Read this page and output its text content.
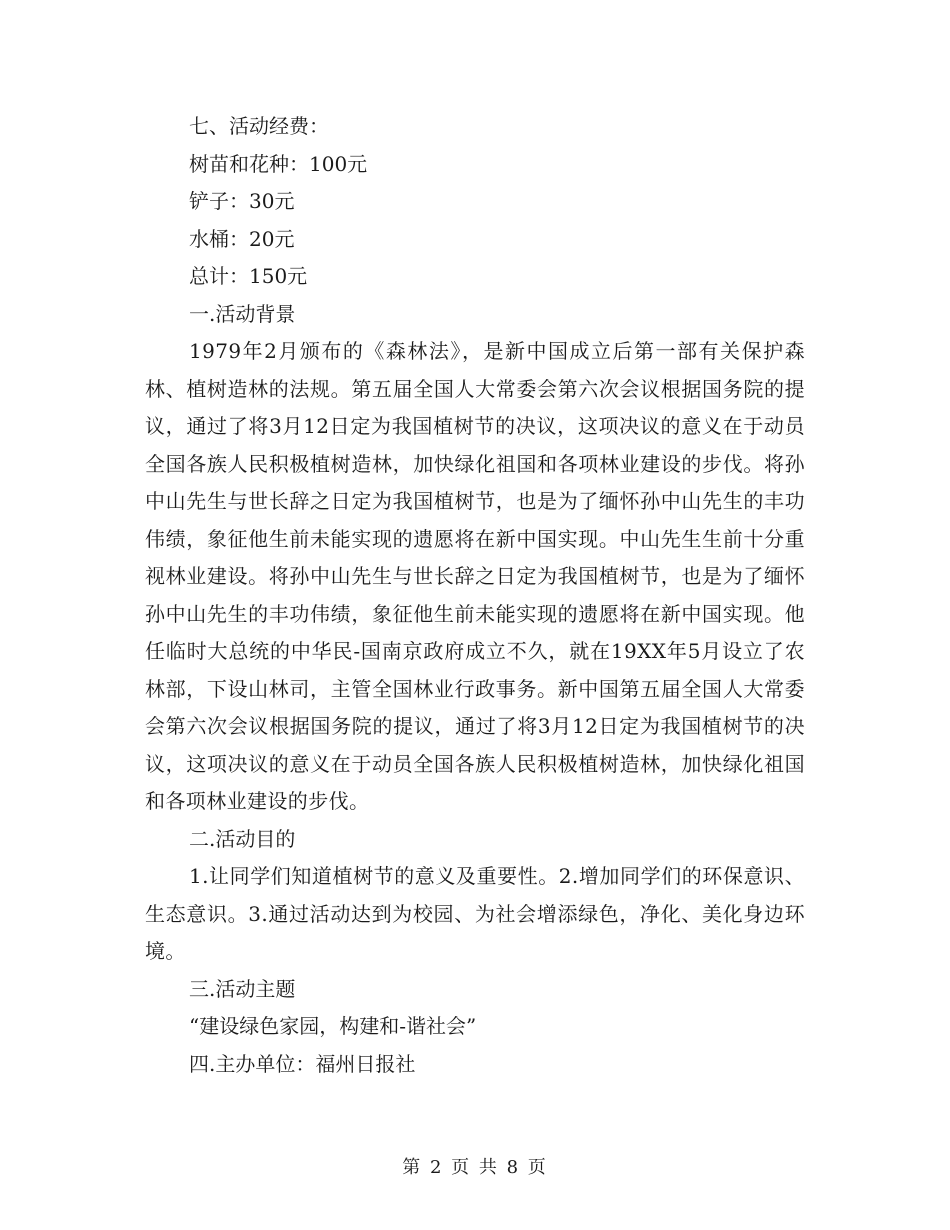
七、活动经费：

树苗和花种：100元

铲子：30元

水桶：20元

总计：150元

一.活动背景

1979年2月颁布的《森林法》，是新中国成立后第一部有关保护森林、植树造林的法规。第五届全国人大常委会第六次会议根据国务院的提议，通过了将3月12日定为我国植树节的决议，这项决议的意义在于动员全国各族人民积极植树造林，加快绿化祖国和各项林业建设的步伐。将孙中山先生与世长辞之日定为我国植树节，也是为了缅怀孙中山先生的丰功伟绩，象征他生前未能实现的遗愿将在新中国实现。中山先生生前十分重视林业建设。将孙中山先生与世长辞之日定为我国植树节，也是为了缅怀孙中山先生的丰功伟绩，象征他生前未能实现的遗愿将在新中国实现。他任临时大总统的中华民-国南京政府成立不久，就在19XX年5月设立了农林部，下设山林司，主管全国林业行政事务。新中国第五届全国人大常委会第六次会议根据国务院的提议，通过了将3月12日定为我国植树节的决议，这项决议的意义在于动员全国各族人民积极植树造林，加快绿化祖国和各项林业建设的步伐。

二.活动目的

1.让同学们知道植树节的意义及重要性。2.增加同学们的环保意识、生态意识。3.通过活动达到为校园、为社会增添绿色，净化、美化身边环境。

三.活动主题

“建设绿色家园，构建和-谐社会”

四.主办单位：福州日报社

第 2 页 共 8 页
